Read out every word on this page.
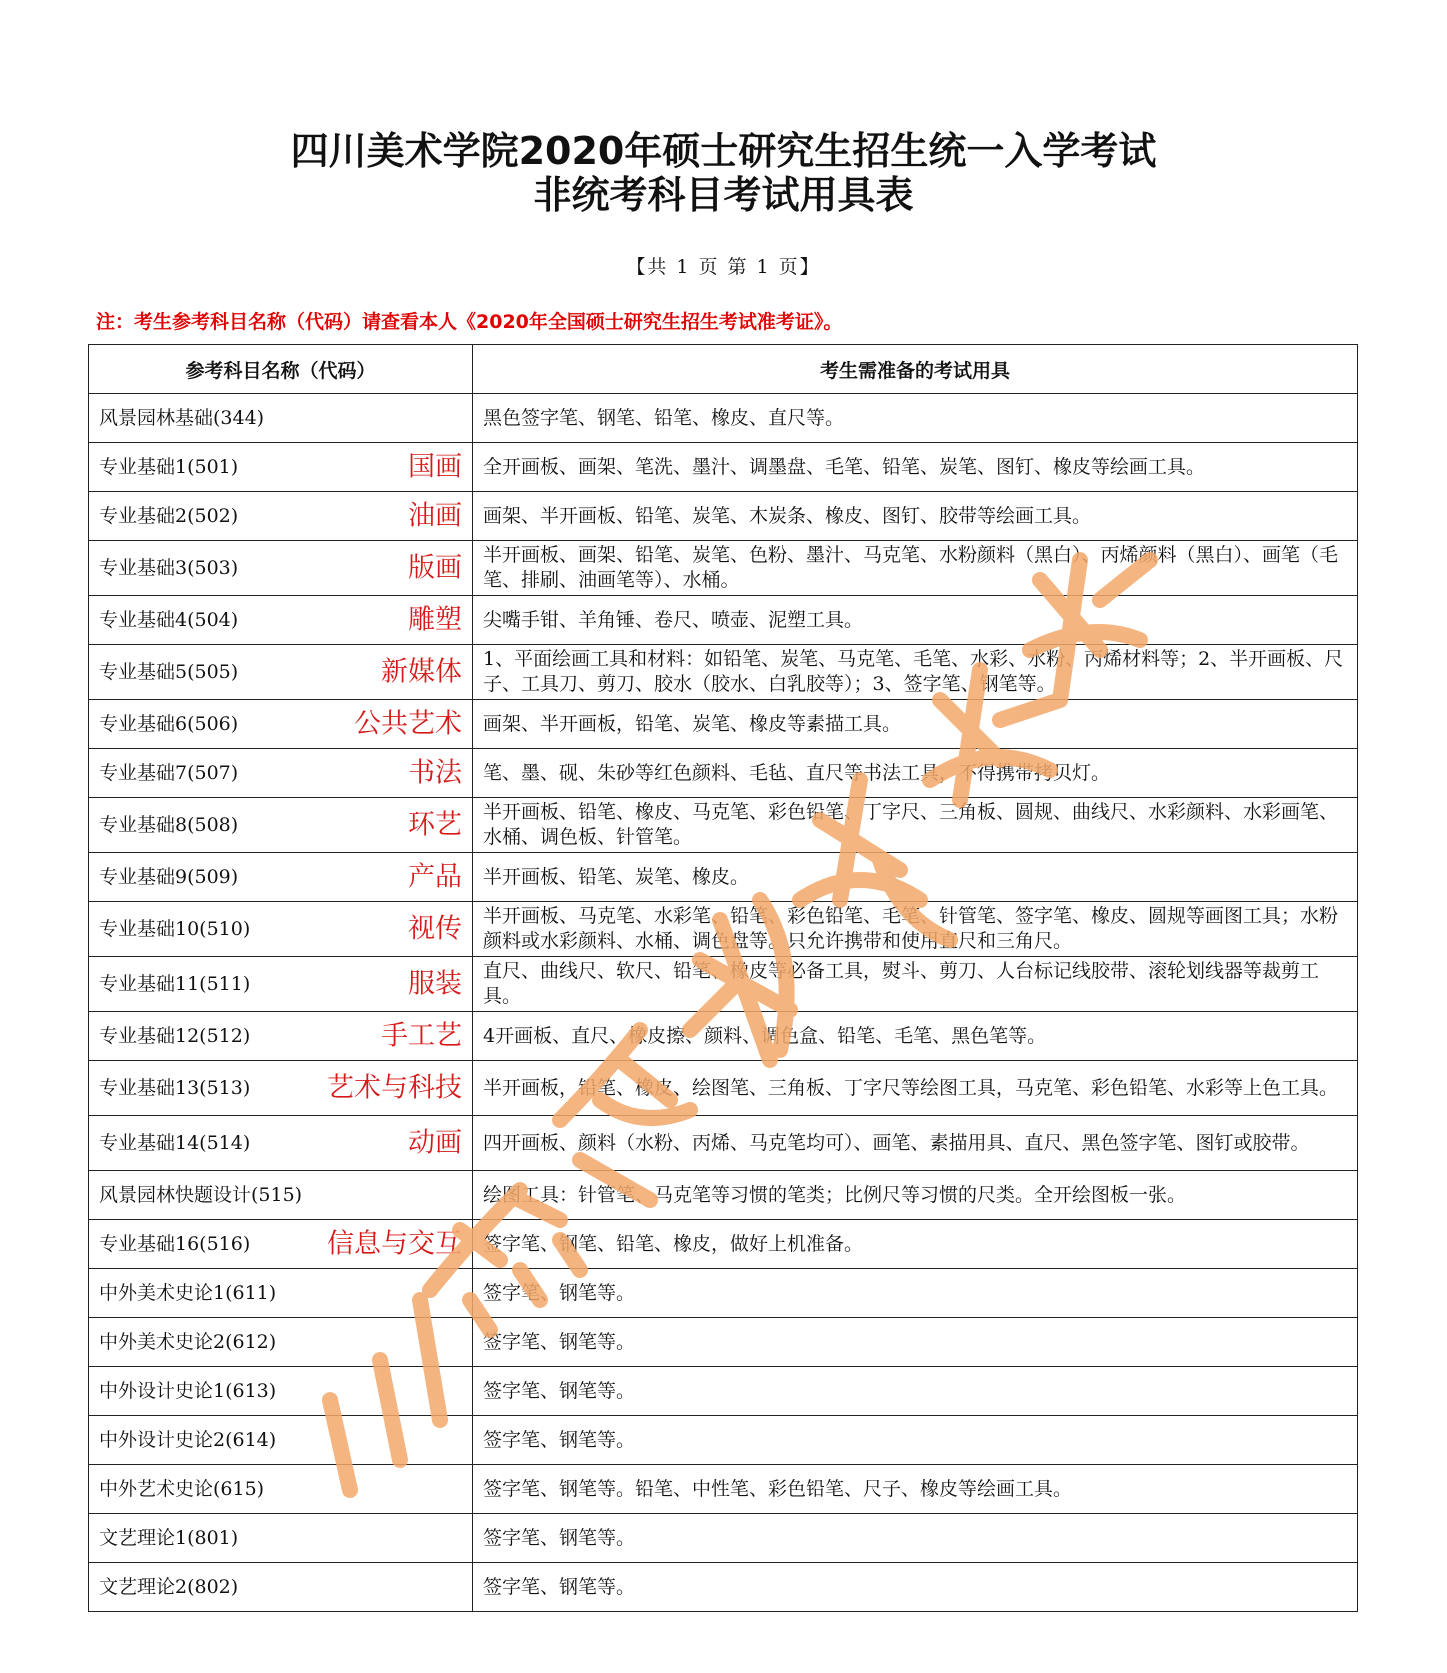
四川美术学院2020年硕士研究生招生统一入学考试
非统考科目考试用具表
【共 1 页 第 1 页】
注：考生参考科目名称（代码）请查看本人《2020年全国硕士研究生招生考试准考证》。
参考科目名称（代码）	考生需准备的考试用具
风景园林基础(344)	黑色签字笔、钢笔、铅笔、橡皮、直尺等。
专业基础1(501) 国画	全开画板、画架、笔洗、墨汁、调墨盘、毛笔、铅笔、炭笔、图钉、橡皮等绘画工具。
专业基础2(502) 油画	画架、半开画板、铅笔、炭笔、木炭条、橡皮、图钉、胶带等绘画工具。
专业基础3(503) 版画	半开画板、画架、铅笔、炭笔、色粉、墨汁、马克笔、水粉颜料（黑白）、丙烯颜料（黑白）、画笔（毛笔、排刷、油画笔等）、水桶。
专业基础4(504) 雕塑	尖嘴手钳、羊角锤、卷尺、喷壶、泥塑工具。
专业基础5(505) 新媒体	1、平面绘画工具和材料：如铅笔、炭笔、马克笔、毛笔、水彩、水粉、丙烯材料等；2、半开画板、尺子、工具刀、剪刀、胶水（胶水、白乳胶等）；3、签字笔、钢笔等。
专业基础6(506) 公共艺术	画架、半开画板，铅笔、炭笔、橡皮等素描工具。
专业基础7(507) 书法	笔、墨、砚、朱砂等红色颜料、毛毡、直尺等书法工具，不得携带拷贝灯。
专业基础8(508) 环艺	半开画板、铅笔、橡皮、马克笔、彩色铅笔、丁字尺、三角板、圆规、曲线尺、水彩颜料、水彩画笔、水桶、调色板、针管笔。
专业基础9(509) 产品	半开画板、铅笔、炭笔、橡皮。
专业基础10(510) 视传	半开画板、马克笔、水彩笔、铅笔、彩色铅笔、毛笔、针管笔、签字笔、橡皮、圆规等画图工具；水粉颜料或水彩颜料、水桶、调色盘等。只允许携带和使用直尺和三角尺。
专业基础11(511) 服装	直尺、曲线尺、软尺、铅笔、橡皮等必备工具，熨斗、剪刀、人台标记线胶带、滚轮划线器等裁剪工具。
专业基础12(512) 手工艺	4开画板、直尺、橡皮擦、颜料、调色盒、铅笔、毛笔、黑色笔等。
专业基础13(513) 艺术与科技	半开画板，铅笔、橡皮、绘图笔、三角板、丁字尺等绘图工具，马克笔、彩色铅笔、水彩等上色工具。
专业基础14(514) 动画	四开画板、颜料（水粉、丙烯、马克笔均可）、画笔、素描用具、直尺、黑色签字笔、图钉或胶带。
风景园林快题设计(515)	绘图工具：针管笔、马克笔等习惯的笔类；比例尺等习惯的尺类。全开绘图板一张。
专业基础16(516) 信息与交互	签字笔、钢笔、铅笔、橡皮，做好上机准备。
中外美术史论1(611)	签字笔、钢笔等。
中外美术史论2(612)	签字笔、钢笔等。
中外设计史论1(613)	签字笔、钢笔等。
中外设计史论2(614)	签字笔、钢笔等。
中外艺术史论(615)	签字笔、钢笔等。铅笔、中性笔、彩色铅笔、尺子、橡皮等绘画工具。
文艺理论1(801)	签字笔、钢笔等。
文艺理论2(802)	签字笔、钢笔等。
